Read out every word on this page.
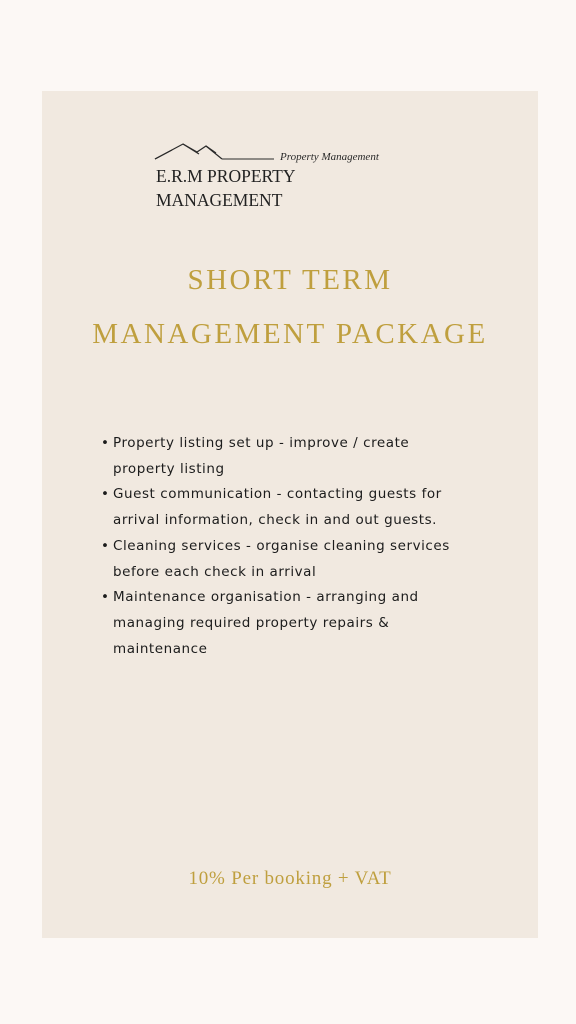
Property Management
E.R.M PROPERTY
MANAGEMENT
SHORT TERM
MANAGEMENT PACKAGE
• Property listing set up - improve / create property listing
• Guest communication - contacting guests for arrival information, check in and out guests.
• Cleaning services - organise cleaning services before each check in arrival
• Maintenance organisation - arranging and managing required property repairs & maintenance
10% Per booking + VAT
